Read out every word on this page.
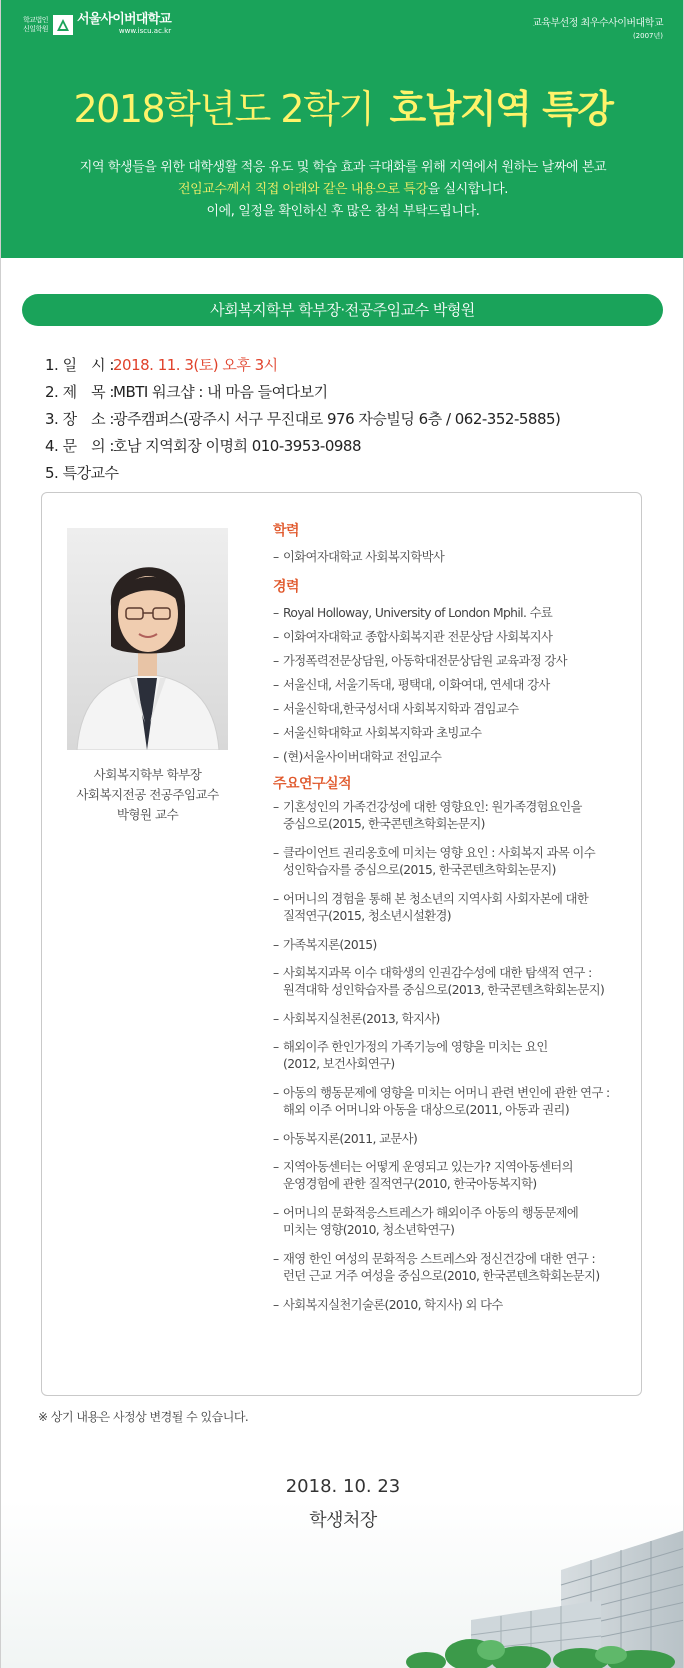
학교법인 신일학원
서울사이버대학교
www.iscu.ac.kr
교육부선정 최우수사이버대학교
(2007년)
2018학년도 2학기 호남지역 특강
지역 학생들을 위한 대학생활 적응 유도 및 학습 효과 극대화를 위해 지역에서 원하는 날짜에 본교
전임교수께서 직접 아래와 같은 내용으로 특강을 실시합니다.
이에, 일정을 확인하신 후 많은 참석 부탁드립니다.
사회복지학부 학부장·전공주임교수 박형원
1. 일　시 : 2018. 11. 3(토) 오후 3시
2. 제　목 : MBTI 워크샵 : 내 마음 들여다보기
3. 장　소 : 광주캠퍼스(광주시 서구 무진대로 976 자승빌딩 6층 / 062-352-5885)
4. 문　의 : 호남 지역회장 이명희 010-3953-0988
5. 특강교수
사회복지학부 학부장
사회복지전공 전공주임교수
박형원 교수
학력
– 이화여자대학교 사회복지학박사
경력
– Royal Holloway, University of London Mphil. 수료
– 이화여자대학교 종합사회복지관 전문상담 사회복지사
– 가정폭력전문상담원, 아동학대전문상담원 교육과정 강사
– 서울신대, 서울기독대, 평택대, 이화여대, 연세대 강사
– 서울신학대,한국성서대 사회복지학과 겸임교수
– 서울신학대학교 사회복지학과 초빙교수
– (현)서울사이버대학교 전임교수
주요연구실적
– 기혼성인의 가족건강성에 대한 영향요인: 원가족경험요인을
중심으로(2015, 한국콘텐츠학회논문지)
– 클라이언트 권리옹호에 미치는 영향 요인 : 사회복지 과목 이수
성인학습자를 중심으로(2015, 한국콘텐츠학회논문지)
– 어머니의 경험을 통해 본 청소년의 지역사회 사회자본에 대한
질적연구(2015, 청소년시설환경)
– 가족복지론(2015)
– 사회복지과목 이수 대학생의 인권감수성에 대한 탐색적 연구 :
원격대학 성인학습자를 중심으로(2013, 한국콘텐츠학회논문지)
– 사회복지실천론(2013, 학지사)
– 해외이주 한인가정의 가족기능에 영향을 미치는 요인
(2012, 보건사회연구)
– 아동의 행동문제에 영향을 미치는 어머니 관련 변인에 관한 연구 :
해외 이주 어머니와 아동을 대상으로(2011, 아동과 권리)
– 아동복지론(2011, 교문사)
– 지역아동센터는 어떻게 운영되고 있는가? 지역아동센터의
운영경험에 관한 질적연구(2010, 한국아동복지학)
– 어머니의 문화적응스트레스가 해외이주 아동의 행동문제에
미치는 영향(2010, 청소년학연구)
– 재영 한인 여성의 문화적응 스트레스와 정신건강에 대한 연구 :
런던 근교 거주 여성을 중심으로(2010, 한국콘텐츠학회논문지)
– 사회복지실천기술론(2010, 학지사) 외 다수
※ 상기 내용은 사정상 변경될 수 있습니다.
2018. 10. 23
학생처장
